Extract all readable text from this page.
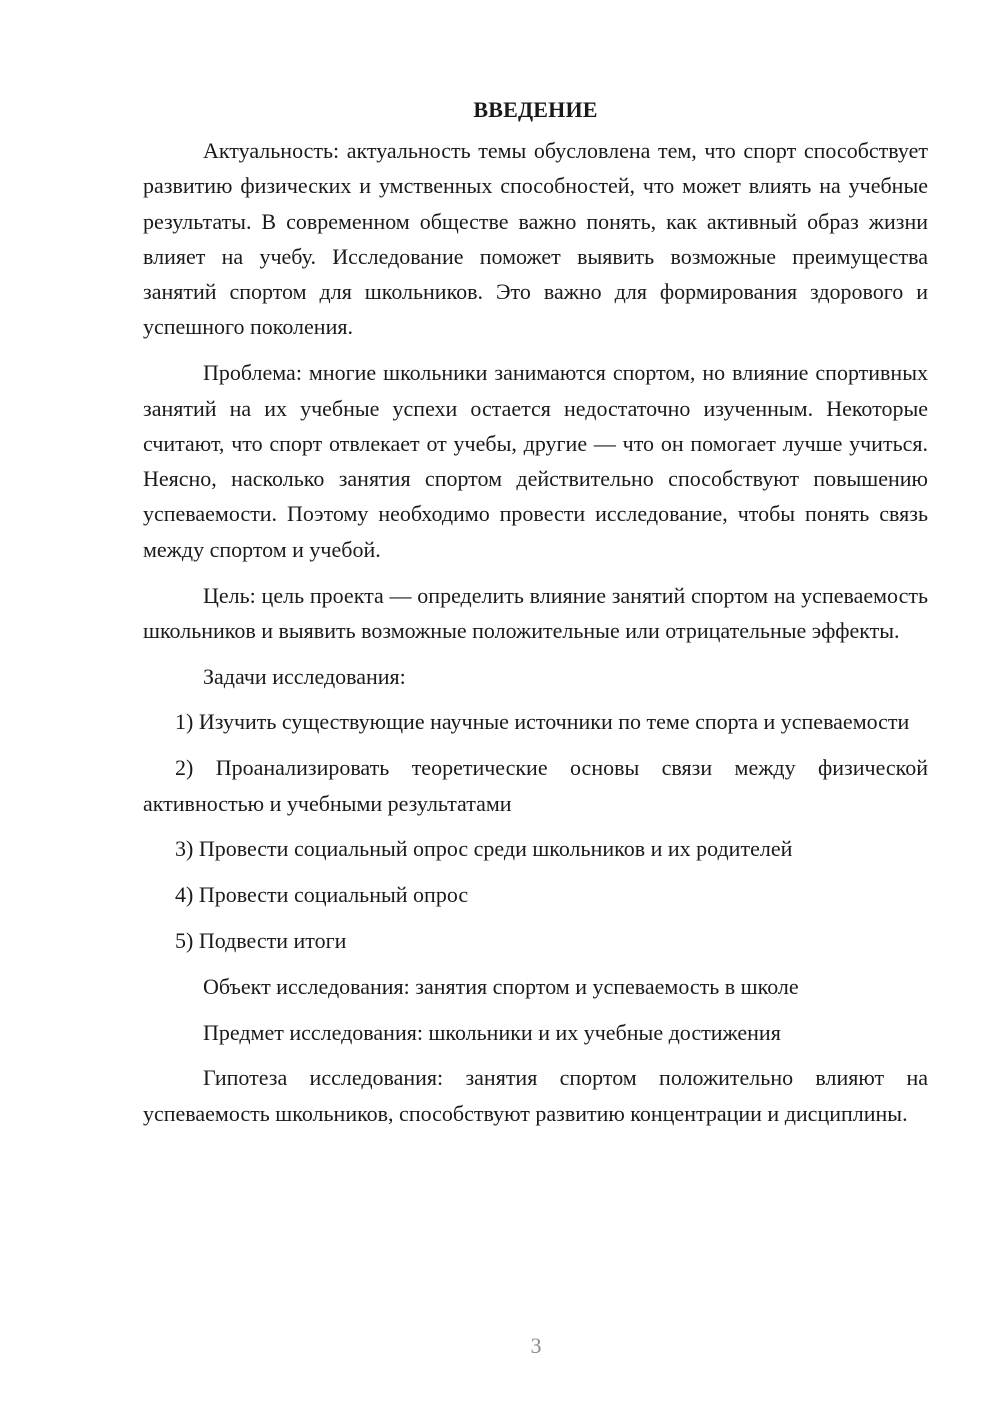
ВВЕДЕНИЕ

Актуальность: актуальность темы обусловлена тем, что спорт способствует развитию физических и умственных способностей, что может влиять на учебные результаты. В современном обществе важно понять, как активный образ жизни влияет на учебу. Исследование поможет выявить возможные преимущества занятий спортом для школьников. Это важно для формирования здорового и успешного поколения.

Проблема: многие школьники занимаются спортом, но влияние спортивных занятий на их учебные успехи остается недостаточно изученным. Некоторые считают, что спорт отвлекает от учебы, другие — что он помогает лучше учиться. Неясно, насколько занятия спортом действительно способствуют повышению успеваемости. Поэтому необходимо провести исследование, чтобы понять связь между спортом и учебой.

Цель: цель проекта — определить влияние занятий спортом на успеваемость школьников и выявить возможные положительные или отрицательные эффекты.

Задачи исследования:

1) Изучить существующие научные источники по теме спорта и успеваемости

2) Проанализировать теоретические основы связи между физической активностью и учебными результатами

3) Провести социальный опрос среди школьников и их родителей

4) Провести социальный опрос

5) Подвести итоги

Объект исследования: занятия спортом и успеваемость в школе

Предмет исследования: школьники и их учебные достижения

Гипотеза исследования: занятия спортом положительно влияют на успеваемость школьников, способствуют развитию концентрации и дисциплины.

3
